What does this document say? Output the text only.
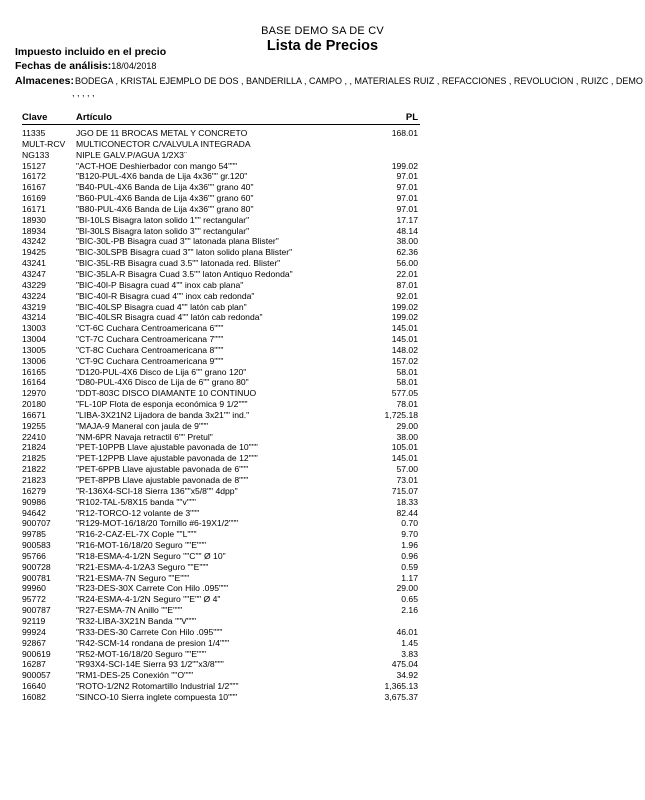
BASE DEMO SA DE CV
Lista de Precios
Impuesto incluido en el precio
Fechas de análisis:18/04/2018
Almacenes:BODEGA , KRISTAL EJEMPLO DE DOS , BANDERILLA , CAMPO , , MATERIALES RUIZ , REFACCIONES , REVOLUCION , RUIZC , DEMO
, , , , ,
Clave	Artículo	PL
11335	JGO DE 11 BROCAS METAL Y CONCRETO	168.01
MULT-RCV MULTICONECTOR C/VALVULA INTEGRADA
NG133	NIPLE GALV.P/AGUA 1/2X3¨
15127	"ACT-HOE Deshierbador con mango 54"""	199.02
16172	"B120-PUL-4X6 banda de Lija 4x36"" gr.120"	97.01
16167	"B40-PUL-4X6 Banda de Lija 4x36"" grano 40"	97.01
16169	"B60-PUL-4X6 Banda de Lija 4x36"" grano 60"	97.01
16171	"B80-PUL-4X6 Banda de Lija 4x36"" grano 80"	97.01
18930	"BI-10LS Bisagra laton solido 1"" rectangular"	17.17
18934	"BI-30LS Bisagra laton solido 3"" rectangular"	48.14
43242	"BIC-30L-PB Bisagra cuad 3"" latonada plana Blister"	38.00
19425	"BIC-30LSPB Bisagra cuad 3"" laton solido plana Blister"	62.36
43241	"BIC-35L-RB Bisagra cuad 3.5"" latonada red. Blister"	56.00
43247	"BIC-35LA-R Bisagra Cuad 3.5"" laton Antiquo Redonda"	22.01
43229	"BIC-40I-P Bisagra cuad 4"" inox cab plana"	87.01
43224	"BIC-40I-R Bisagra cuad 4"" inox cab redonda"	92.01
43219	"BIC-40LSP Bisagra cuad 4"" latón cab plan"	199.02
43214	"BIC-40LSR Bisagra cuad 4"" latón cab redonda"	199.02
13003	"CT-6C Cuchara Centroamericana 6"""	145.01
13004	"CT-7C Cuchara Centroamericana 7"""	145.01
13005	"CT-8C Cuchara Centroamericana 8"""	148.02
13006	"CT-9C Cuchara Centroamericana 9"""	157.02
16165	"D120-PUL-4X6 Disco de Lija 6"" grano 120"	58.01
16164	"D80-PUL-4X6 Disco de Lija de 6"" grano 80"	58.01
12970	"DDT-803C DISCO DIAMANTE 10 CONTINUO	577.05
20180	"FL-10P Flota de esponja económica 9 1/2"""	78.01
16671	"LIBA-3X21N2 Lijadora de banda 3x21"" ind."	1,725.18
19255	"MAJA-9 Maneral con jaula de 9"""	29.00
22410	"NM-6PR Navaja retractil 6"" Pretul"	38.00
21824	"PET-10PPB Llave ajustable pavonada de 10"""	105.01
21825	"PET-12PPB Llave ajustable pavonada de 12"""	145.01
21822	"PET-6PPB Llave ajustable pavonada de 6"""	57.00
21823	"PET-8PPB Llave ajustable pavonada de 8"""	73.01
16279	"R-136X4-SCI-18 Sierra 136""x5/8"" 4dpp"	715.07
90986	"R102-TAL-5/8X15 banda ""v"""	18.33
94642	"R12-TORCO-12 volante de 3"""	82.44
900707	"R129-MOT-16/18/20 Tornillo #6-19X1/2"""	0.70
99785	"R16-2-CAZ-EL-7X Cople ""L"""	9.70
900583	"R16-MOT-16/18/20 Seguro ""E"""	1.96
95766	"R18-ESMA-4-1/2N Seguro ""C"" Ø 10"	0.96
900728	"R21-ESMA-4-1/2A3 Seguro ""E"""	0.59
900781	"R21-ESMA-7N Seguro ""E"""	1.17
99960	"R23-DES-30X Carrete Con Hilo .095"""	29.00
95772	"R24-ESMA-4-1/2N Seguro ""E"" Ø 4"	0.65
900787	"R27-ESMA-7N Anillo ""E"""	2.16
92119	"R32-LIBA-3X21N Banda ""V"""
99924	"R33-DES-30 Carrete Con Hilo .095"""	46.01
92867	"R42-SCM-14 rondana de presion 1/4"""	1.45
900619	"R52-MOT-16/18/20 Seguro ""E"""	3.83
16287	"R93X4-SCI-14E Sierra 93 1/2""x3/8"""	475.04
900057	"RM1-DES-25 Conexión ""O"""	34.92
16640	"ROTO-1/2N2 Rotomartillo Industrial 1/2"""	1,365.13
16082	"SINCO-10 Sierra inglete compuesta 10"""	3,675.37
